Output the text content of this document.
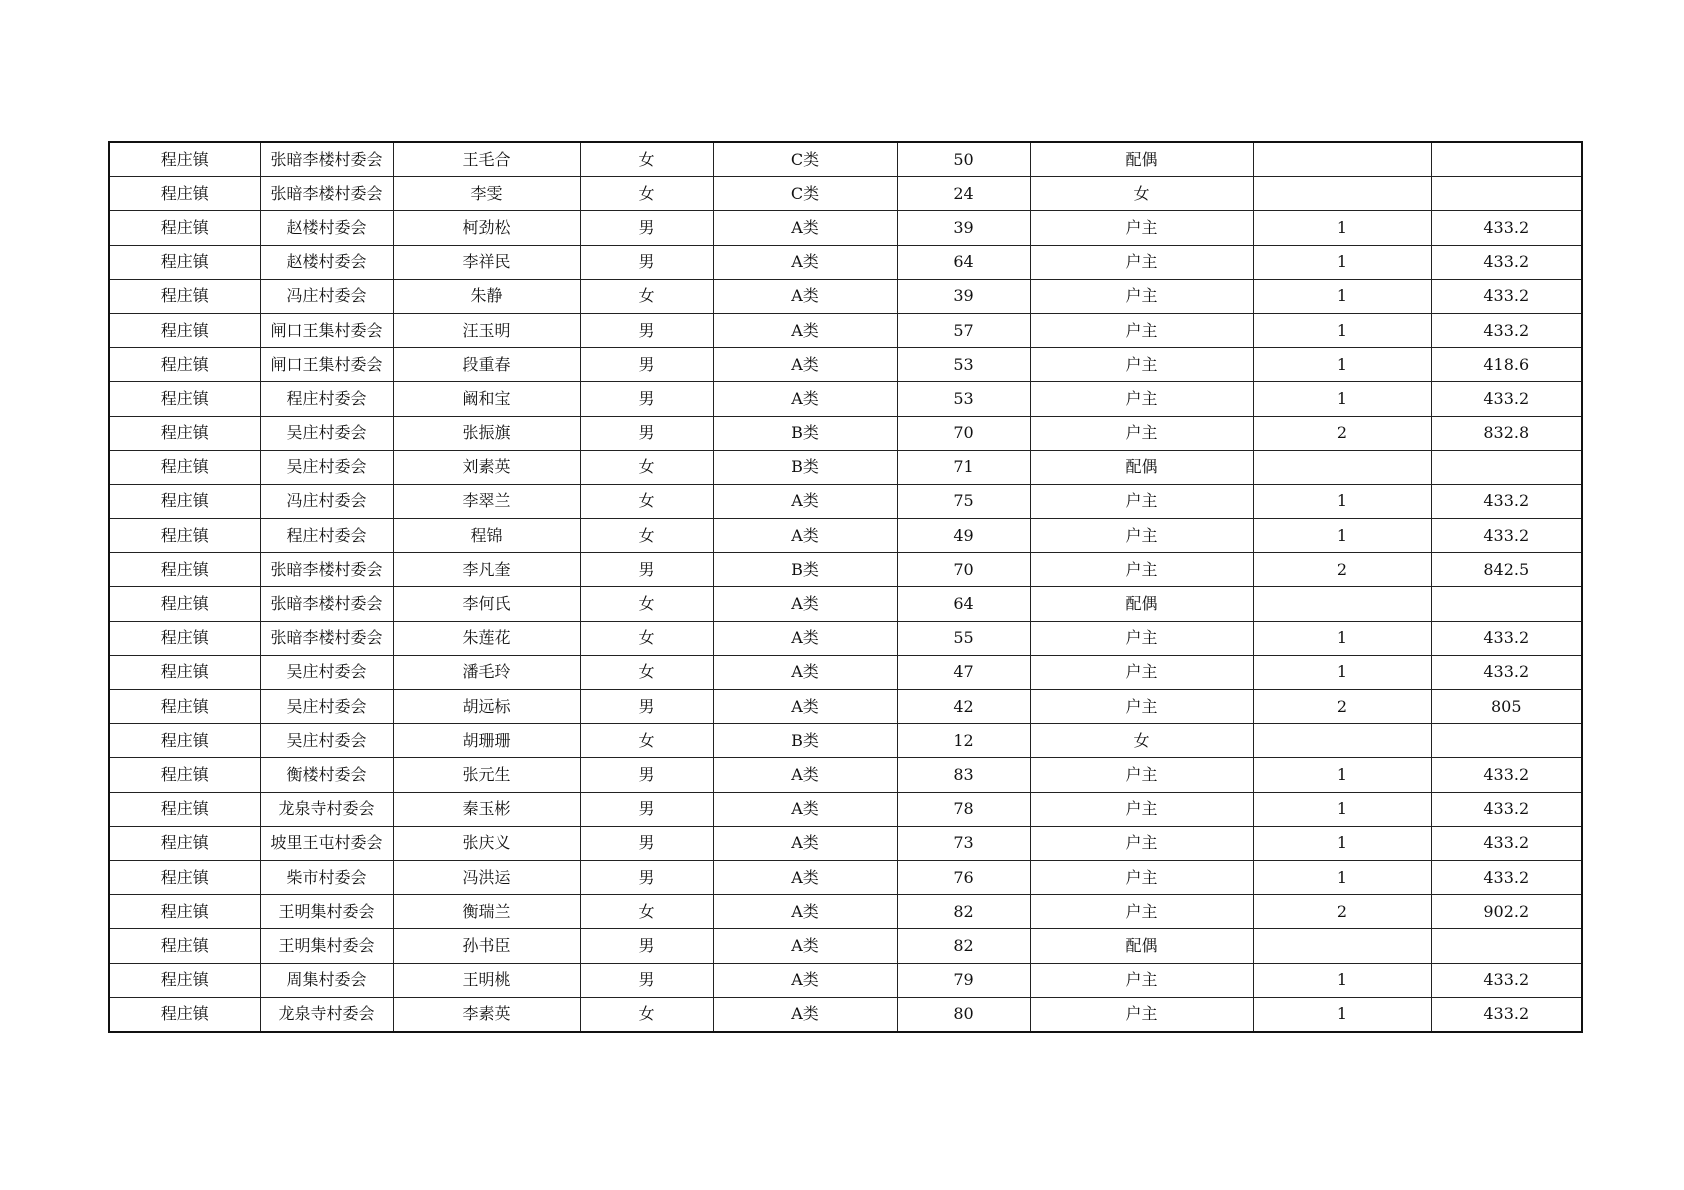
程庄镇	张暗李楼村委会	王毛合	女	C类	50	配偶		
程庄镇	张暗李楼村委会	李雯	女	C类	24	女		
程庄镇	赵楼村委会	柯劲松	男	A类	39	户主	1	433.2
程庄镇	赵楼村委会	李祥民	男	A类	64	户主	1	433.2
程庄镇	冯庄村委会	朱静	女	A类	39	户主	1	433.2
程庄镇	闸口王集村委会	汪玉明	男	A类	57	户主	1	433.2
程庄镇	闸口王集村委会	段重春	男	A类	53	户主	1	418.6
程庄镇	程庄村委会	阚和宝	男	A类	53	户主	1	433.2
程庄镇	吴庄村委会	张振旗	男	B类	70	户主	2	832.8
程庄镇	吴庄村委会	刘素英	女	B类	71	配偶		
程庄镇	冯庄村委会	李翠兰	女	A类	75	户主	1	433.2
程庄镇	程庄村委会	程锦	女	A类	49	户主	1	433.2
程庄镇	张暗李楼村委会	李凡奎	男	B类	70	户主	2	842.5
程庄镇	张暗李楼村委会	李何氏	女	A类	64	配偶		
程庄镇	张暗李楼村委会	朱莲花	女	A类	55	户主	1	433.2
程庄镇	吴庄村委会	潘毛玲	女	A类	47	户主	1	433.2
程庄镇	吴庄村委会	胡远标	男	A类	42	户主	2	805
程庄镇	吴庄村委会	胡珊珊	女	B类	12	女		
程庄镇	衡楼村委会	张元生	男	A类	83	户主	1	433.2
程庄镇	龙泉寺村委会	秦玉彬	男	A类	78	户主	1	433.2
程庄镇	坡里王屯村委会	张庆义	男	A类	73	户主	1	433.2
程庄镇	柴市村委会	冯洪运	男	A类	76	户主	1	433.2
程庄镇	王明集村委会	衡瑞兰	女	A类	82	户主	2	902.2
程庄镇	王明集村委会	孙书臣	男	A类	82	配偶		
程庄镇	周集村委会	王明桃	男	A类	79	户主	1	433.2
程庄镇	龙泉寺村委会	李素英	女	A类	80	户主	1	433.2
